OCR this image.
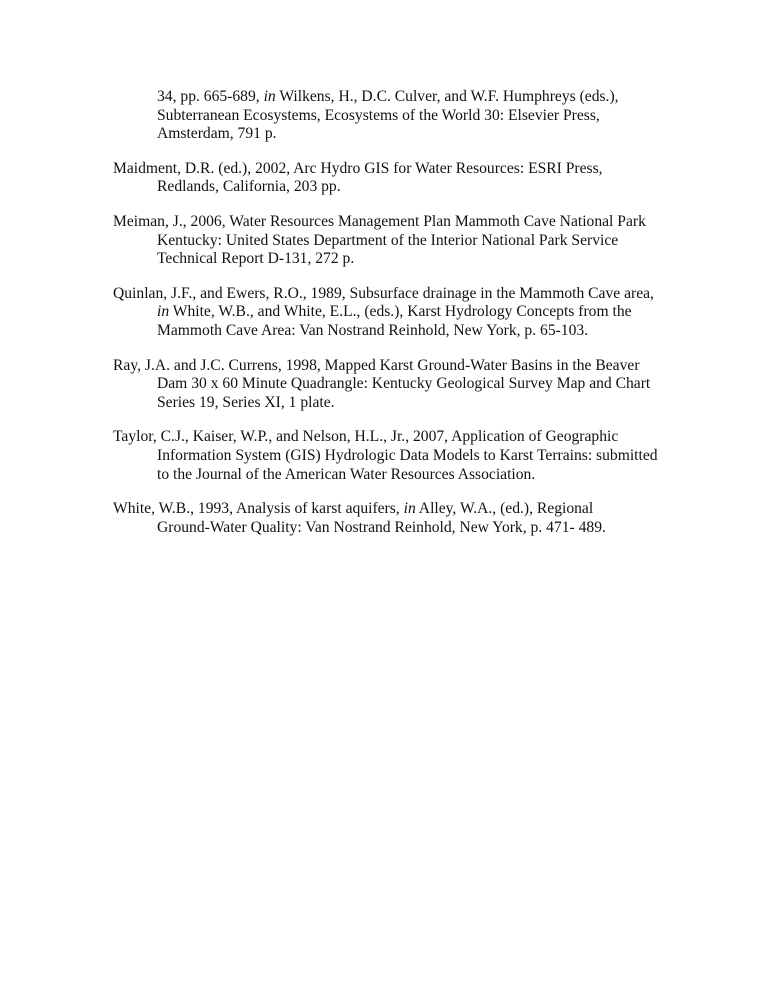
34, pp. 665-689, in Wilkens, H., D.C. Culver, and W.F. Humphreys (eds.),
Subterranean Ecosystems, Ecosystems of the World 30: Elsevier Press,
Amsterdam, 791 p.

Maidment, D.R. (ed.), 2002, Arc Hydro GIS for Water Resources: ESRI Press,
Redlands, California, 203 pp.

Meiman, J., 2006, Water Resources Management Plan Mammoth Cave National Park
Kentucky: United States Department of the Interior National Park Service
Technical Report D-131, 272 p.

Quinlan, J.F., and Ewers, R.O., 1989, Subsurface drainage in the Mammoth Cave area,
in White, W.B., and White, E.L., (eds.), Karst Hydrology Concepts from the
Mammoth Cave Area: Van Nostrand Reinhold, New York, p. 65-103.

Ray, J.A. and J.C. Currens, 1998, Mapped Karst Ground-Water Basins in the Beaver
Dam 30 x 60 Minute Quadrangle: Kentucky Geological Survey Map and Chart
Series 19, Series XI, 1 plate.

Taylor, C.J., Kaiser, W.P., and Nelson, H.L., Jr., 2007, Application of Geographic
Information System (GIS) Hydrologic Data Models to Karst Terrains: submitted
to the Journal of the American Water Resources Association.

White, W.B., 1993, Analysis of karst aquifers, in Alley, W.A., (ed.), Regional
Ground-Water Quality: Van Nostrand Reinhold, New York, p. 471- 489.
